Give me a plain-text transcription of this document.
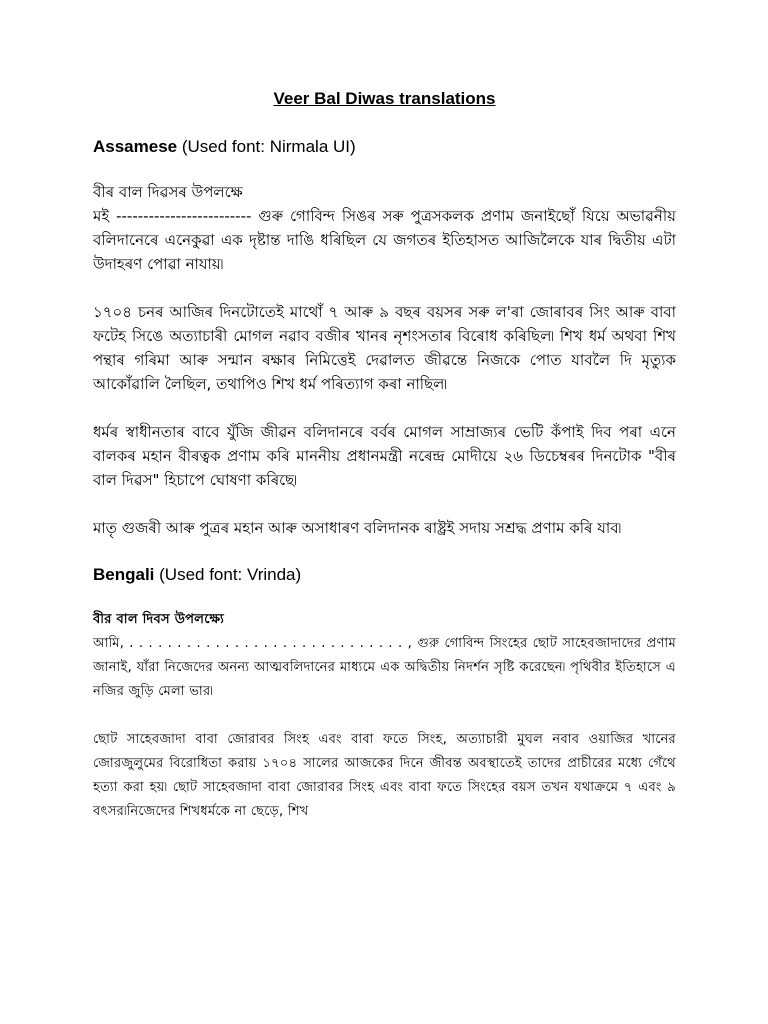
Veer Bal Diwas translations
Assamese (Used font: Nirmala UI)
বীৰ বাল দিৱসৰ উপলক্ষে
মই ------------------------- গুৰু গোবিন্দ সিঙৰ সৰু পুত্ৰসকলক প্ৰণাম জনাইছোঁ যিয়ে অভাৱনীয় বলিদানেৰে এনেকুৱা এক দৃষ্টান্ত দাঙি ধৰিছিল যে জগতৰ ইতিহাসত আজিলৈকে যাৰ দ্বিতীয় এটা উদাহৰণ পোৱা নাযায়৷
১৭০৪ চনৰ আজিৰ দিনটোতেই মাথোঁ ৭ আৰু ৯ বছৰ বয়সৰ সৰু ল'ৰা জোৰাবৰ সিং আৰু বাবা ফটেহ সিঙে অত্যাচাৰী মোগল নৱাব বজীৰ খানৰ নৃশংসতাৰ বিৰোধ কৰিছিল৷ শিখ ধৰ্ম অথবা শিখ পন্থাৰ গৰিমা আৰু সন্মান ৰক্ষাৰ নিমিত্তেই দেৱালত জীৱন্তে নিজকে পোত যাবলৈ দি মৃত্যুক আকোঁৱালি লৈছিল, তথাপিও শিখ ধৰ্ম পৰিত্যাগ কৰা নাছিল৷
ধৰ্মৰ স্বাধীনতাৰ বাবে যুঁজি জীৱন বলিদানৰে বৰ্বৰ মোগল সাম্ৰাজ্যৰ ভেটি কঁপাই দিব পৰা এনে বালকৰ মহান বীৰত্বক প্ৰণাম কৰি মাননীয় প্ৰধানমন্ত্ৰী নৰেন্দ্ৰ মোদীয়ে ২৬ ডিচেম্বৰৰ দিনটোক "বীৰ বাল দিৱস" হিচাপে ঘোষণা কৰিছে৷
মাতৃ গুজৰী আৰু পুত্ৰৰ মহান আৰু অসাধাৰণ বলিদানক ৰাষ্ট্ৰই সদায় সশ্ৰদ্ধ প্ৰণাম কৰি যাব৷
Bengali (Used font: Vrinda)
বীর বাল দিবস উপলক্ষ্যে
আমি, . . . . . . . . . . . . . . . . . . . . . . . . . . . . . , গুরু গোবিন্দ সিংহের ছোট সাহেবজাদাদের প্রণাম জানাই, যাঁরা নিজেদের অনন্য আত্মবলিদানের মাধ্যমে এক অদ্বিতীয় নিদর্শন সৃষ্টি করেছেন৷ পৃথিবীর ইতিহাসে এ নজির জুড়ি মেলা ভার৷
ছোট সাহেবজাদা বাবা জোরাবর সিংহ এবং বাবা ফতে সিংহ, অত্যাচারী মুঘল নবাব ওয়াজির খানের জোরজুলুমের বিরোধিতা করায় ১৭০৪ সালের আজকের দিনে জীবন্ত অবস্থাতেই তাদের প্রাচীরের মধ্যে গেঁথে হত্যা করা হয়৷ ছোট সাহেবজাদা বাবা জোরাবর সিংহ এবং বাবা ফতে সিংহের বয়স তখন যথাক্রমে ৭ এবং ৯ বৎসর৷নিজেদের শিখধর্মকে না ছেড়ে, শিখ
